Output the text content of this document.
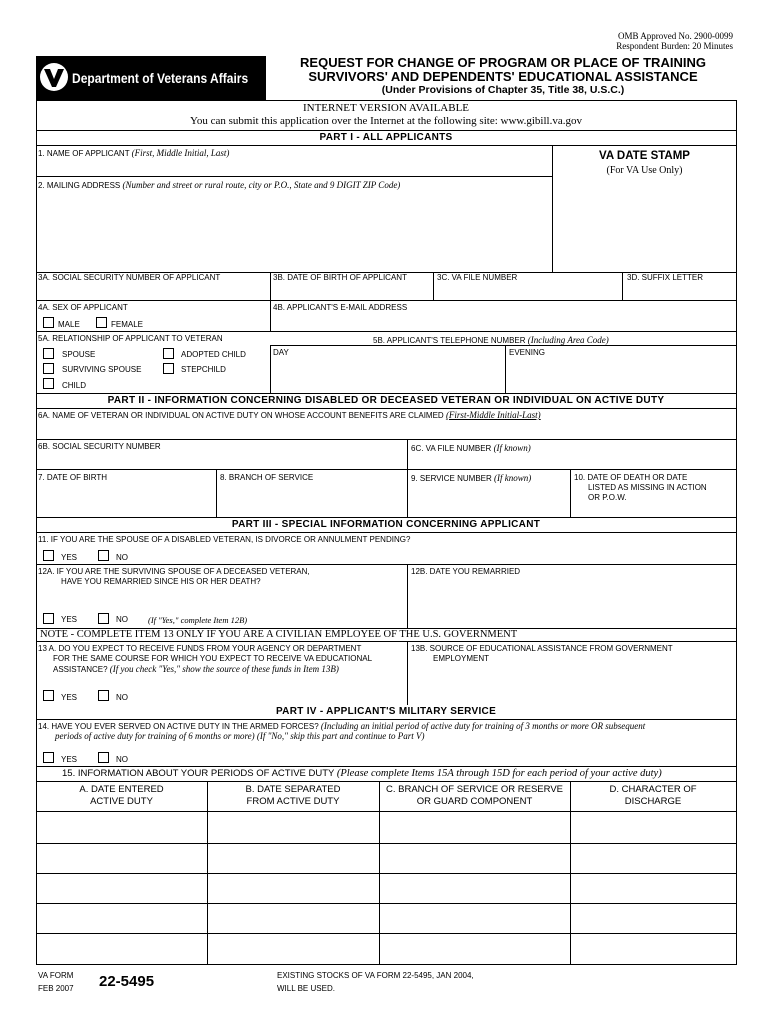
OMB Approved No. 2900-0099
Respondent Burden: 20 Minutes
Department of Veterans Affairs
REQUEST FOR CHANGE OF PROGRAM OR PLACE OF TRAINING
SURVIVORS' AND DEPENDENTS' EDUCATIONAL ASSISTANCE
(Under Provisions of Chapter 35, Title 38, U.S.C.)
INTERNET VERSION AVAILABLE
You can submit this application over the Internet at the following site: www.gibill.va.gov
PART I - ALL APPLICANTS
1. NAME OF APPLICANT (First, Middle Initial, Last)	VA DATE STAMP
(For VA Use Only)
2. MAILING ADDRESS (Number and street or rural route, city or P.O., State and 9 DIGIT ZIP Code)
3A. SOCIAL SECURITY NUMBER OF APPLICANT	3B. DATE OF BIRTH OF APPLICANT	3C. VA FILE NUMBER	3D. SUFFIX LETTER
4A. SEX OF APPLICANT	4B. APPLICANT'S E-MAIL ADDRESS
MALE	FEMALE
5A. RELATIONSHIP OF APPLICANT TO VETERAN	5B. APPLICANT'S TELEPHONE NUMBER (Including Area Code)
DAY	EVENING
SPOUSE	ADOPTED CHILD
SURVIVING SPOUSE	STEPCHILD
CHILD
PART II - INFORMATION CONCERNING DISABLED OR DECEASED VETERAN OR INDIVIDUAL ON ACTIVE DUTY
6A. NAME OF VETERAN OR INDIVIDUAL ON ACTIVE DUTY ON WHOSE ACCOUNT BENEFITS ARE CLAIMED (First-Middle Initial-Last)
6B. SOCIAL SECURITY NUMBER	6C. VA FILE NUMBER (If known)
7. DATE OF BIRTH	8. BRANCH OF SERVICE	9. SERVICE NUMBER (If known)	10. DATE OF DEATH OR DATE
LISTED AS MISSING IN ACTION
OR P.O.W.
PART III - SPECIAL INFORMATION CONCERNING APPLICANT
11. IF YOU ARE THE SPOUSE OF A DISABLED VETERAN, IS DIVORCE OR ANNULMENT PENDING?
YES	NO
12A. IF YOU ARE THE SURVIVING SPOUSE OF A DECEASED VETERAN,
HAVE YOU REMARRIED SINCE HIS OR HER DEATH?
12B. DATE YOU REMARRIED
YES	NO (If "Yes," complete Item 12B)
NOTE - COMPLETE ITEM 13 ONLY IF YOU ARE A CIVILIAN EMPLOYEE OF THE U.S. GOVERNMENT
13 A. DO YOU EXPECT TO RECEIVE FUNDS FROM YOUR AGENCY OR DEPARTMENT
FOR THE SAME COURSE FOR WHICH YOU EXPECT TO RECEIVE VA EDUCATIONAL
ASSISTANCE? (If you check "Yes," show the source of these funds in Item 13B)
13B. SOURCE OF EDUCATIONAL ASSISTANCE FROM GOVERNMENT
EMPLOYMENT
YES	NO
PART IV - APPLICANT'S MILITARY SERVICE
14. HAVE YOU EVER SERVED ON ACTIVE DUTY IN THE ARMED FORCES? (Including an initial period of active duty for training of 3 months or more OR subsequent
periods of active duty for training of 6 months or more) (If "No," skip this part and continue to Part V)
YES	NO
15. INFORMATION ABOUT YOUR PERIODS OF ACTIVE DUTY (Please complete Items 15A through 15D for each period of your active duty)
A. DATE ENTERED
ACTIVE DUTY
B. DATE SEPARATED
FROM ACTIVE DUTY
C. BRANCH OF SERVICE OR RESERVE
OR GUARD COMPONENT
D. CHARACTER OF
DISCHARGE
VA FORM
FEB 2007 22-5495	EXISTING STOCKS OF VA FORM 22-5495, JAN 2004,
WILL BE USED.
